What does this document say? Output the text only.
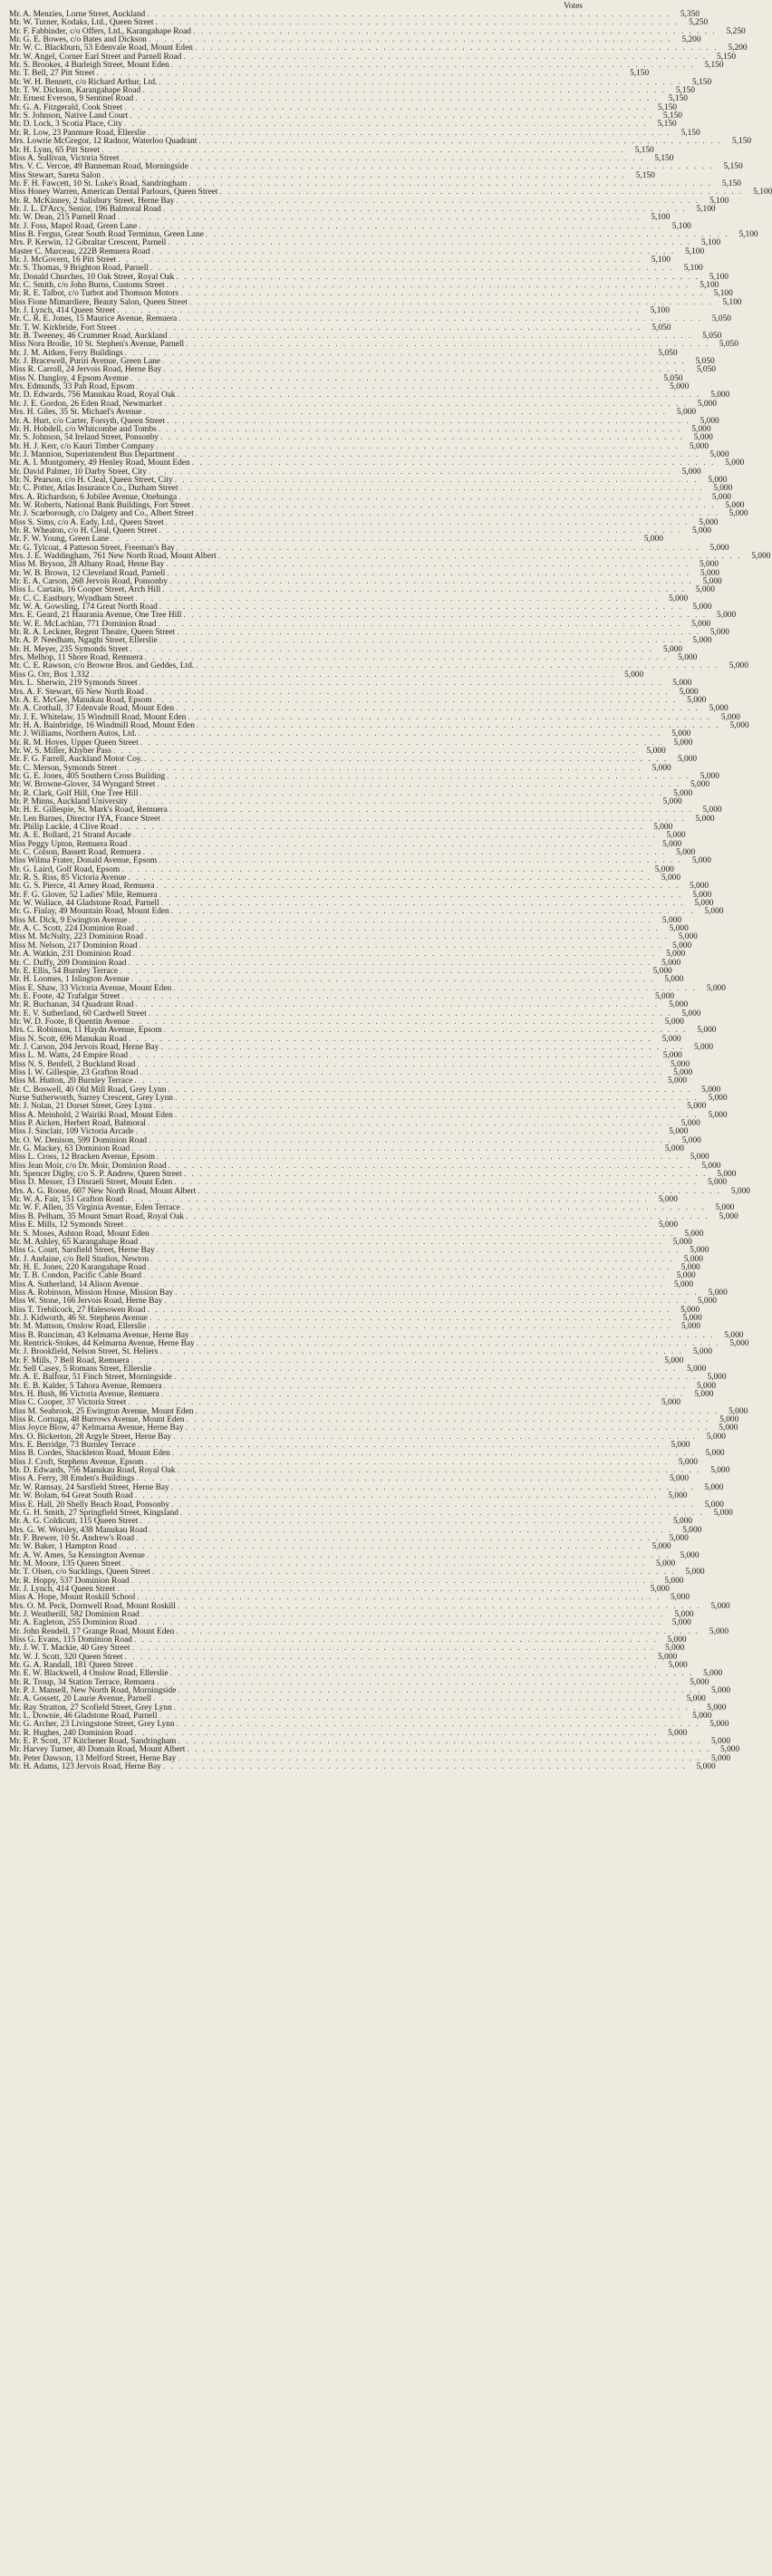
Votes
Mr. A. Menzies, Lorne Street, Auckland . . .	5,350
Mr. W. Turner, Kodaks, Ltd., Queen Street . . .	5,250
Mr. F. Fabbinder, c/o Offers, Ltd., Karangahape Road . . .	5,250
Mr. G. E. Bowes, c/o Bates and Dickson . . .	5,200
Mr. W. C. Blackburn, 53 Edenvale Road, Mount Eden . . .	5,200
Mr. W. Angel, Corner Earl Street and Parnell Road . . .	5,150
Mr. S. Brookes, 4 Burleigh Street, Mount Eden . . .	5,150
Mr. T. Bell, 27 Pitt Street . . .	5,150
Mr. W. H. Bennett, c/o Richard Arthur, Ltd. . . .	5,150
Mr. T. W. Dickson, Karangahape Road . . .	5,150
Mr. Ernest Everson, 9 Sentinel Road . . .	5,150
Mr. G. A. Fitzgerald, Cook Street . . .	5,150
Mr. S. Johnson, Native Land Court . . .	5,150
Mr. D. Lock, 3 Scotia Place, City . . .	5,150
Mr. R. Low, 23 Panmure Road, Ellerslie . . .	5,150
Mrs. Lowrie McGregor, 12 Radnor, Waterloo Quadrant . . .	5,150
Mr. H. Lynn, 65 Pitt Street . . .	5,150
Miss A. Sullivan, Victoria Street . . .	5,150
Mrs. V. C. Vercoe, 49 Banneman Road, Morningside . . .	5,150
Miss Stewart, Sareta Salon . . .	5,150
Mr. F. H. Fawcett, 10 St. Luke's Road, Sandringham . . .	5,150
Miss Honey Warren, American Dental Parlours, Queen Street . . .	5,100
Mr. R. McKinney, 2 Salisbury Street, Herne Bay . . .	5,100
Mr. J. L. D'Arcy, Senior, 196 Balmoral Road . . .	5,100
Mr. W. Dean, 215 Parnell Road . . .	5,100
Mr. J. Foss, Mapol Road, Green Lane . . .	5,100
Miss B. Fergus, Great South Road Terminus, Green Lane . . .	5,100
Mrs. P. Kerwin, 12 Gibraltar Crescent, Parnell . . .	5,100
Master C. Marceau, 222B Remuera Road . . .	5,100
Mr. J. McGovern, 16 Pitt Street . . .	5,100
Mr. S. Thomas, 9 Brighton Road, Parnell . . .	5,100
Mr. Donald Churches, 10 Oak Street, Royal Oak . . .	5,100
Mr. C. Smith, c/o John Burns, Customs Street . . .	5,100
Mr. R. E. Talbot, c/o Turbot and Thomson Motors . . .	5,100
Miss Fione Mimardiere, Beauty Salon, Queen Street . . .	5,100
Mr. J. Lynch, 414 Queen Street . . .	5,100
Mr. C. R. E. Jones, 15 Maurice Avenue, Remuera . . .	5,050
Mr. T. W. Kirkbride, Fort Street . . .	5,050
Mr. B. Tweeney, 46 Crummer Road, Auckland . . .	5,050
Miss Nora Brodie, 10 St. Stephen's Avenue, Parnell . . .	5,050
Mr. J. M. Aitken, Ferry Buildings . . .	5,050
Mr. J. Bracewell, Puriri Avenue, Green Lane . . .	5,050
Miss R. Carroll, 24 Jervois Road, Herne Bay . . .	5,050
Miss N. Dangloy, 4 Epsom Avenue . . .	5,050
Mrs. Edmunds, 33 Pah Road, Epsom . . .	5,000
Mr. D. Edwards, 756 Manukau Road, Royal Oak . . .	5,000
Mr. J. E. Gordon, 26 Eden Road, Newmarket . . .	5,000
Mrs. H. Giles, 35 St. Michael's Avenue . . .	5,000
Mr. A. Hurt, c/o Carter, Forsyth, Queen Street . . .	5,000
Mr. H. Hobdell, c/o Whitcombe and Tombs . . .	5,000
Mr. S. Johnson, 54 Ireland Street, Ponsonby . . .	5,000
Mr. H. J. Kerr, c/o Kauri Timber Company . . .	5,000
Mr. J. Mannion, Superintendent Bus Department . . .	5,000
Mr. A. I. Montgomery, 49 Henley Road, Mount Eden . . .	5,000
Mr. David Palmer, 10 Darby Street, City . . .	5,000
Mr. N. Pearson, c/o H. Cleal, Queen Street, City . . .	5,000
Mr. C. Potter, Atlas Insurance Co., Durham Street . . .	5,000
Mrs. A. Richardson, 6 Jubilee Avenue, Onehunga . . .	5,000
Mr. W. Roberts, National Bank Buildings, Fort Street . . .	5,000
Mr. J. Scarborough, c/o Dalgety and Co., Albert Street . . .	5,000
Miss S. Sims, c/o A. Eady, Ltd., Queen Street . . .	5,000
Mr. R. Wheaton, c/o H. Cleal, Queen Street . . .	5,000
Mr. F. W. Young, Green Lane . . .	5,000
Mr. G. Tylcoat, 4 Patteson Street, Freeman's Bay . . .	5,000
Mrs. J. E. Waddingham, 761 New North Road, Mount Albert . . .	5,000
Miss M. Bryson, 28 Albany Road, Herne Bay . . .	5,000
Mr. W. B. Brown, 12 Cleveland Road, Parnell . . .	5,000
Mr. E. A. Carson, 268 Jervois Road, Ponsonby . . .	5,000
Miss L. Curtain, 16 Cooper Street, Arch Hill . . .	5,000
Mr. C. C. Eastbury, Wyndham Street . . .	5,000
Mr. W. A. Gowsling, 174 Great North Road . . .	5,000
Mrs. E. Geard, 21 Haurania Avenue, One Tree Hill . . .	5,000
Mr. W. E. McLachlan, 771 Dominion Road . . .	5,000
Mr. R. A. Leckner, Regent Theatre, Queen Street . . .	5,000
Mr. A. P. Needham, Ngaghi Street, Ellerslie . . .	5,000
Mr. H. Meyer, 235 Symonds Street . . .	5,000
Mrs. Melhop, 11 Shore Road, Remuera . . .	5,000
Mr. C. E. Rawson, c/o Browne Bros. and Geddes, Ltd. . . .	5,000
Miss G. Orr, Box 1,332 . . .	5,000
Mrs. L. Sherwin, 219 Symonds Street . . .	5,000
Mrs. A. F. Stewart, 65 New North Road . . .	5,000
Mr. A. E. McGee, Manukau Road, Epsom . . .	5,000
Mr. A. Crothall, 37 Edenvale Road, Mount Eden . . .	5,000
Mr. J. E. Whitelaw, 15 Windmill Road, Mount Eden . . .	5,000
Mr. H. A. Bainbridge, 16 Windmill Road, Mount Eden . . .	5,000
Mr. J. Williams, Northern Autos, Ltd. . . .	5,000
Mr. R. M. Hoyes, Upper Queen Street . . .	5,000
Mr. W. S. Miller, Khyber Pass . . .	5,000
Mr. F. G. Farrell, Auckland Motor Coy. . . .	5,000
Mr. C. Merson, Symonds Street . . .	5,000
Mr. G. E. Jones, 405 Southern Cross Building . . .	5,000
Mr. W. Browne-Glover, 34 Wyngard Street . . .	5,000
Mr. R. Clark, Golf Hill, One Tree Hill . . .	5,000
Mr. P. Minns, Auckland University . . .	5,000
Mr. H. E. Gillespie, St. Mark's Road, Remuera . . .	5,000
Mr. Len Barnes, Director IYA, France Street . . .	5,000
Mr. Philip Luckie, 4 Clive Road . . .	5,000
Mr. A. E. Bollard, 21 Strand Arcade . . .	5,000
Miss Peggy Upton, Remuera Road . . .	5,000
Mr. C. Colson, Bassett Road, Remuera . . .	5,000
Miss Wilma Frater, Donald Avenue, Epsom . . .	5,000
Mr. G. Laird, Golf Road, Epsom . . .	5,000
Mr. R. S. Riss, 85 Victoria Avenue . . .	5,000
Mr. G. S. Pierce, 41 Arney Road, Remuera . . .	5,000
Mr. F. G. Glover, 52 Ladies' Mile, Remuera . . .	5,000
Mr. W. Wallace, 44 Gladstone Road, Parnell . . .	5,000
Mr. G. Finlay, 49 Mountain Road, Mount Eden . . .	5,000
Miss M. Dick, 9 Ewington Avenue . . .	5,000
Mr. A. C. Scott, 224 Dominion Road . . .	5,000
Miss M. McNulty, 223 Dominion Road . . .	5,000
Miss M. Nelson, 217 Dominion Road . . .	5,000
Mr. A. Watkin, 231 Dominion Road . . .	5,000
Mr. C. Duffy, 209 Dominion Road . . .	5,000
Mr. E. Ellis, 54 Burnley Terrace . . .	5,000
Mr. H. Loomes, 1 Islington Avenue . . .	5,000
Miss E. Shaw, 33 Victoria Avenue, Mount Eden . . .	5,000
Mr. E. Foote, 42 Trafalgar Street . . .	5,000
Mr. R. Buchanan, 34 Quadrant Road . . .	5,000
Mr. E. V. Sutherland, 60 Cardwell Street . . .	5,000
Mr. W. D. Foote, 8 Quentin Avenue . . .	5,000
Mrs. C. Robinson, 11 Haydn Avenue, Epsom . . .	5,000
Miss N. Scott, 696 Manukau Road . . .	5,000
Mr. J. Carson, 204 Jervois Road, Herne Bay . . .	5,000
Miss L. M. Watts, 24 Empire Road . . .	5,000
Miss N. S. Benfell, 2 Buckland Road . . .	5,000
Miss I. W. Gillespie, 23 Grafton Road . . .	5,000
Miss M. Hutton, 20 Burnley Terrace . . .	5,000
Mr. C. Boswell, 40 Old Mill Road, Grey Lynn . . .	5,000
Nurse Sutherworth, Surrey Crescent, Grey Lynn . . .	5,000
Mr. J. Nolan, 21 Dorset Street, Grey Lynn . . .	5,000
Miss A. Meinhold, 2 Wairiki Road, Mount Eden . . .	5,000
Miss P. Aicken, Herbert Road, Balmoral . . .	5,000
Miss J. Sinclair, 109 Victoria Arcade . . .	5,000
Mr. O. W. Denison, 599 Dominion Road . . .	5,000
Mr. G. Mackey, 63 Dominion Road . . .	5,000
Miss L. Cross, 12 Bracken Avenue, Epsom . . .	5,000
Miss Jean Moir, c/o Dr. Moir, Dominion Road . . .	5,000
Mr. Spencer Digby, c/o S. P. Andrew, Queen Street . . .	5,000
Miss D. Messer, 13 Disraeli Street, Mount Eden . . .	5,000
Mrs. A. G. Roose, 607 New North Road, Mount Albert . . .	5,000
Mr. W. A. Fair, 151 Grafton Road . . .	5,000
Mr. W. F. Allen, 35 Virginia Avenue, Eden Terrace . . .	5,000
Miss B. Pelham, 35 Mount Smart Road, Royal Oak . . .	5,000
Miss E. Mills, 12 Symonds Street . . .	5,000
Mr. S. Moses, Ashton Road, Mount Eden . . .	5,000
Mr. M. Ashley, 65 Karangahape Road . . .	5,000
Miss G. Court, Sarsfield Street, Herne Bay . . .	5,000
Mr. J. Andaine, c/o Bell Studios, Newton . . .	5,000
Mr. H. E. Jones, 220 Karangahape Road . . .	5,000
Mr. T. B. Condon, Pacific Cable Board . . .	5,000
Miss A. Sutherland, 14 Alison Avenue . . .	5,000
Miss A. Robinson, Mission House, Mission Bay . . .	5,000
Miss W. Stone, 166 Jervois Road, Herne Bay . . .	5,000
Miss T. Trebilcock, 27 Halesowen Road . . .	5,000
Mr. J. Kidworth, 46 St. Stephens Avenue . . .	5,000
Mr. M. Mattson, Onslow Road, Ellerslie . . .	5,000
Miss B. Runciman, 43 Kelmarna Avenue, Herne Bay . . .	5,000
Mr. Rentrick-Stokes, 44 Kelmarna Avenue, Herne Bay . . .	5,000
Mr. J. Brookfield, Nelson Street, St. Heliers . . .	5,000
Mr. F. Mills, 7 Bell Road, Remuera . . .	5,000
Mr. Sell Casey, 5 Romans Street, Ellerslie . . .	5,000
Mr. A. E. Balfour, 51 Finch Street, Morningside . . .	5,000
Mr. E. B. Kalder, 5 Tahora Avenue, Remuera . . .	5,000
Mrs. H. Bush, 86 Victoria Avenue, Remuera . . .	5,000
Miss C. Cooper, 37 Victoria Street . . .	5,000
Miss M. Seabrook, 25 Ewington Avenue, Mount Eden . . .	5,000
Miss R. Cornaga, 48 Burrows Avenue, Mount Eden . . .	5,000
Miss Joyce Blow, 47 Kelmarna Avenue, Herne Bay . . .	5,000
Mrs. O. Bickerton, 28 Argyle Street, Herne Bay . . .	5,000
Mrs. E. Berridge, 73 Burnley Terrace . . .	5,000
Miss B. Cordes, Shackleton Road, Mount Eden . . .	5,000
Miss J. Croft, Stephens Avenue, Epsom . . .	5,000
Mr. D. Edwards, 756 Manukau Road, Royal Oak . . .	5,000
Miss A. Ferry, 38 Emden's Buildings . . .	5,000
Mr. W. Ramsay, 24 Sarsfield Street, Herne Bay . . .	5,000
Mr. W. Bolam, 64 Great South Road . . .	5,000
Miss E. Hall, 20 Shelly Beach Road, Ponsonby . . .	5,000
Mr. G. H. Smith, 27 Springfield Street, Kingsland . . .	5,000
Mr. A. G. Coldicutt, 115 Queen Street . . .	5,000
Mrs. G. W. Worsley, 438 Manukau Road . . .	5,000
Mr. F. Brewer, 10 St. Andrew's Road . . .	5,000
Mr. W. Baker, 1 Hampton Road . . .	5,000
Mr. A. W. Ames, 5a Kensington Avenue . . .	5,000
Mr. M. Moore, 135 Queen Street . . .	5,000
Mr. T. Olsen, c/o Sucklings, Queen Street . . .	5,000
Mr. R. Hoppy, 537 Dominion Road . . .	5,000
Mr. J. Lynch, 414 Queen Street . . .	5,000
Miss A. Hope, Mount Roskill School . . .	5,000
Mrs. O. M. Peck, Dornwell Road, Mount Roskill . . .	5,000
Mr. J. Weatherill, 582 Dominion Road . . .	5,000
Mr. A. Eagleton, 255 Dominion Road . . .	5,000
Mr. John Rendell, 17 Grange Road, Mount Eden . . .	5,000
Miss G. Evans, 115 Dominion Road . . .	5,000
Mr. J. W. T. Mackie, 40 Grey Street . . .	5,000
Mr. W. J. Scott, 320 Queen Street . . .	5,000
Mr. G. A. Randall, 181 Queen Street . . .	5,000
Mr. E. W. Blackwell, 4 Onslow Road, Ellerslie . . .	5,000
Mr. R. Troup, 34 Station Terrace, Remuera . . .	5,000
Mr. P. J. Mansell, New North Road, Morningside . . .	5,000
Mr. A. Gossett, 20 Laurie Avenue, Parnell . . .	5,000
Mr. Ray Stratton, 27 Scofield Street, Grey Lynn . . .	5,000
Mr. L. Downie, 46 Gladstone Road, Parnell . . .	5,000
Mr. G. Archer, 23 Livingstone Street, Grey Lynn . . .	5,000
Mr. R. Hughes, 240 Dominion Road . . .	5,000
Mr. E. P. Scott, 37 Kitchener Road, Sandringham . . .	5,000
Mr. Harvey Turner, 40 Domain Road, Mount Albert . . .	5,000
Mr. Peter Dawson, 13 Melford Street, Herne Bay . . .	5,000
Mr. H. Adams, 123 Jervois Road, Herne Bay . . .	5,000
